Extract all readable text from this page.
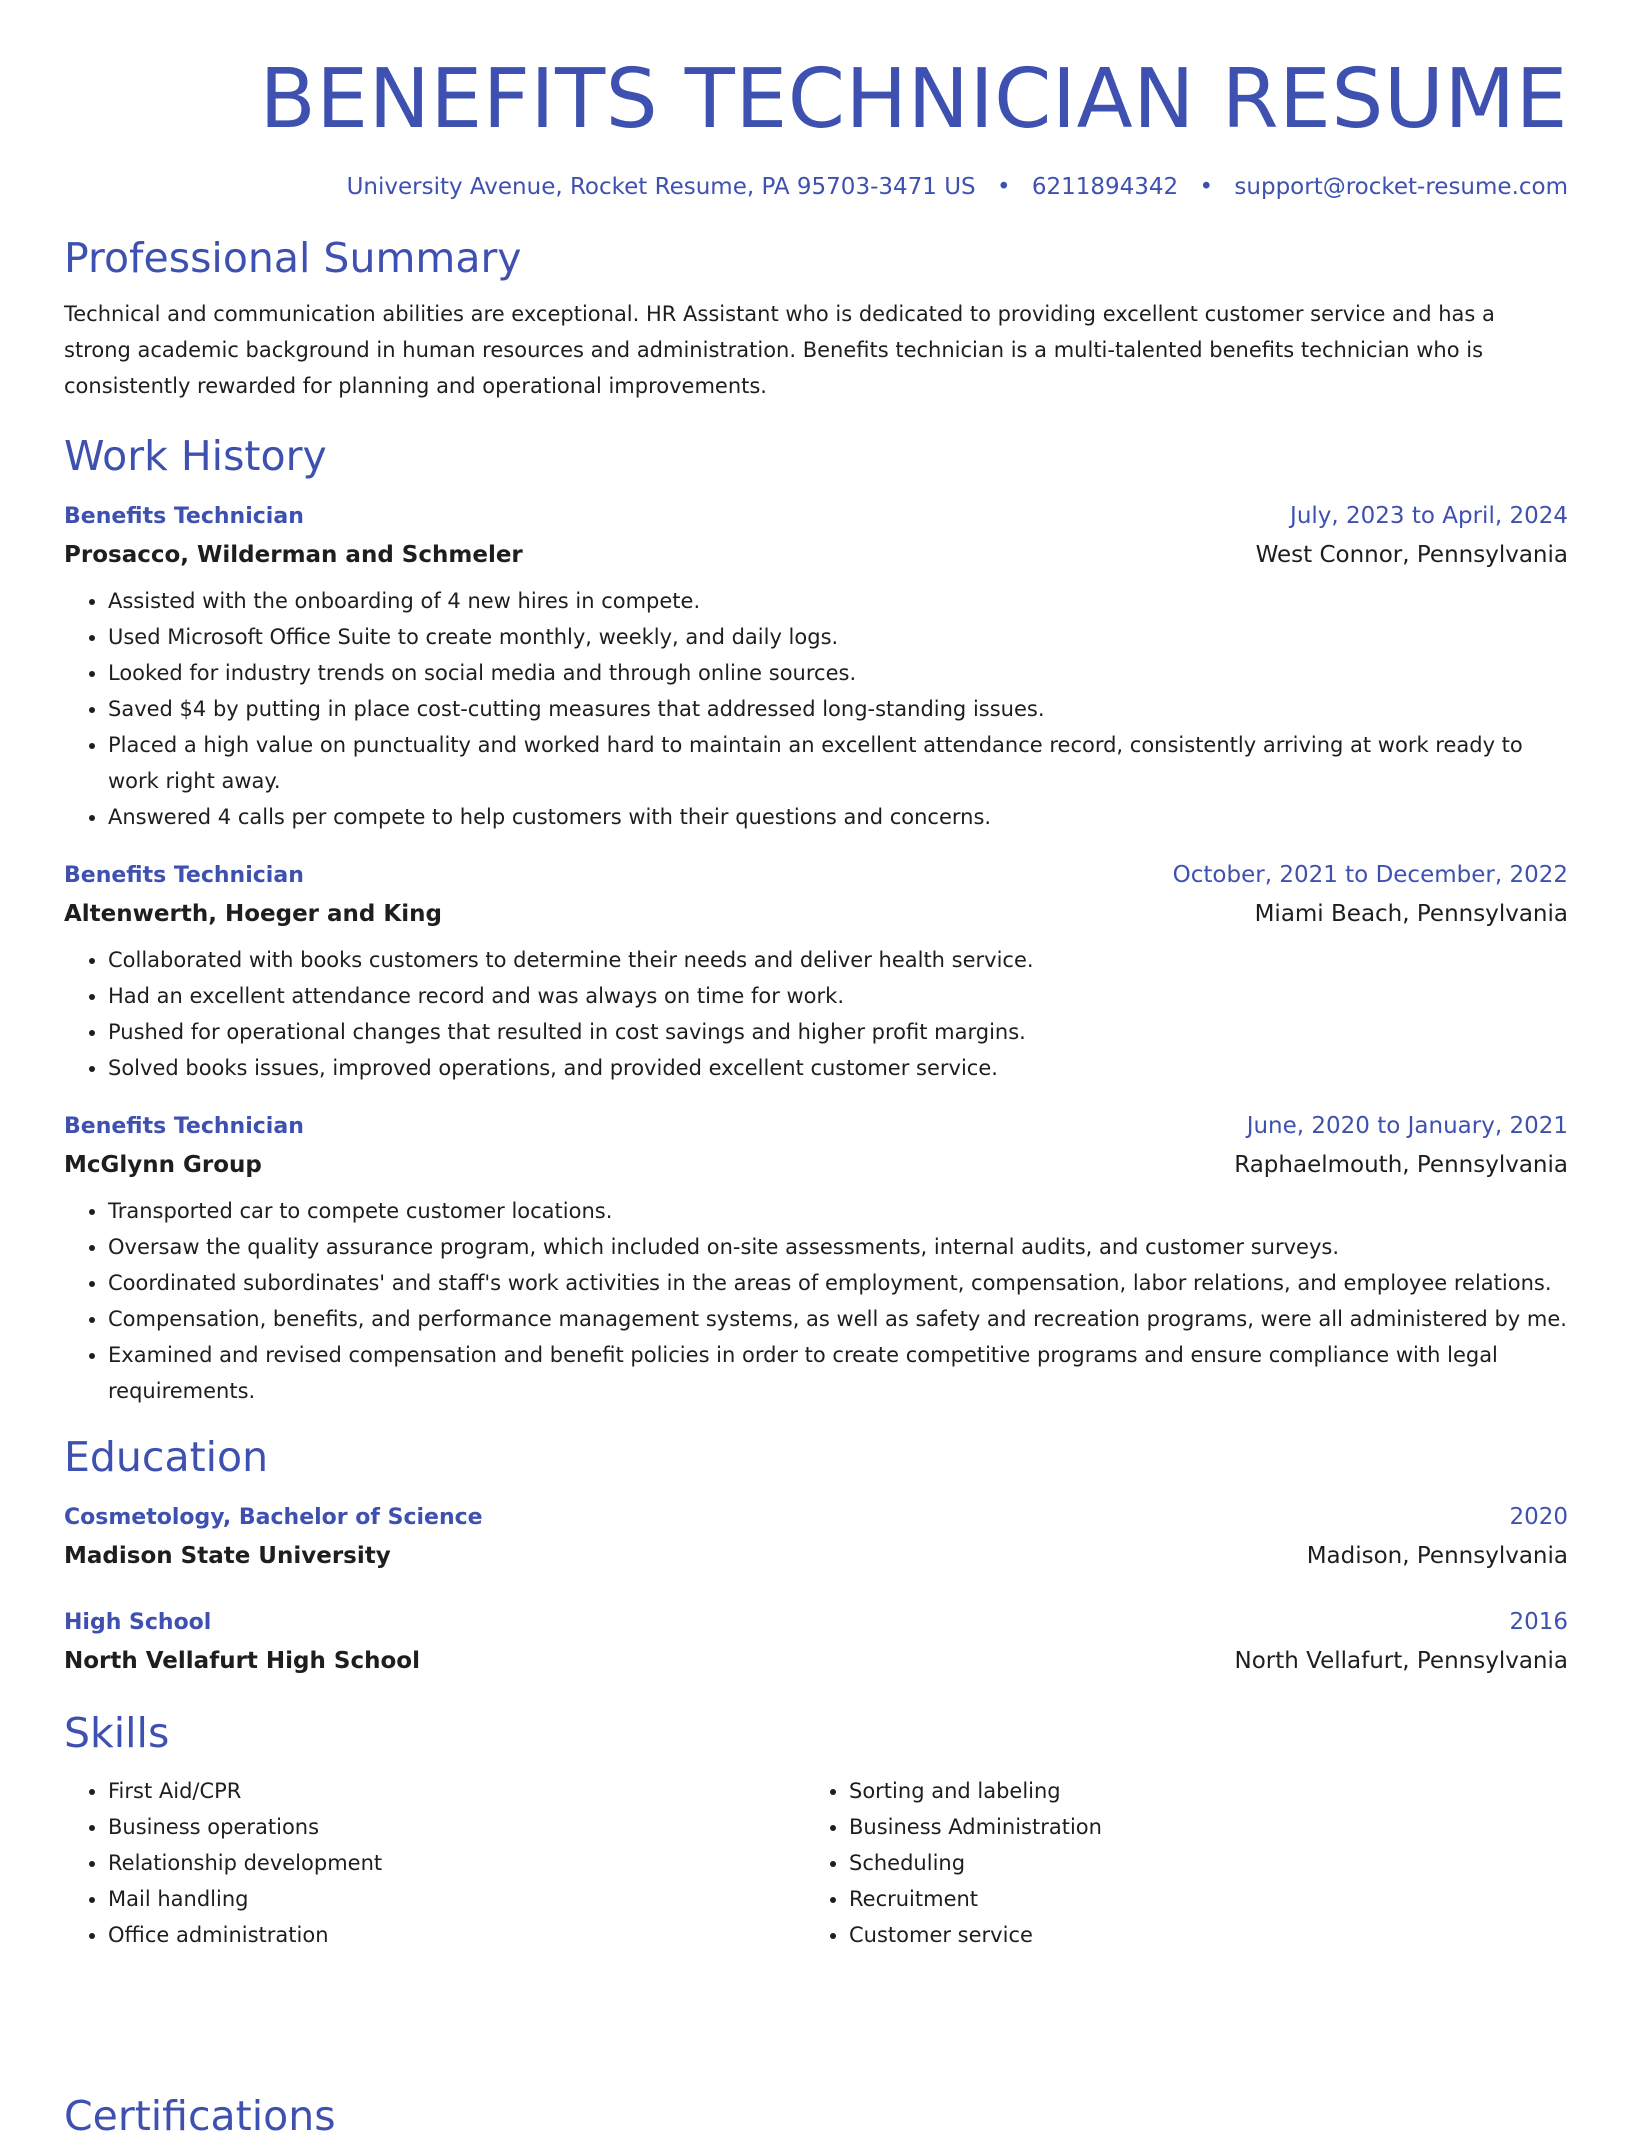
BENEFITS TECHNICIAN RESUME
University Avenue, Rocket Resume, PA 95703-3471 US • 6211894342 • support@rocket-resume.com
Professional Summary

Technical and communication abilities are exceptional. HR Assistant who is dedicated to providing excellent customer service and has a strong academic background in human resources and administration. Benefits technician is a multi-talented benefits technician who is consistently rewarded for planning and operational improvements.

Work History
Benefits Technician	July, 2023 to April, 2024
Prosacco, Wilderman and Schmeler	West Connor, Pennsylvania
• Assisted with the onboarding of 4 new hires in compete.
• Used Microsoft Office Suite to create monthly, weekly, and daily logs.
• Looked for industry trends on social media and through online sources.
• Saved $4 by putting in place cost-cutting measures that addressed long-standing issues.
• Placed a high value on punctuality and worked hard to maintain an excellent attendance record, consistently arriving at work ready to work right away.
• Answered 4 calls per compete to help customers with their questions and concerns.
Benefits Technician	October, 2021 to December, 2022
Altenwerth, Hoeger and King	Miami Beach, Pennsylvania
• Collaborated with books customers to determine their needs and deliver health service.
• Had an excellent attendance record and was always on time for work.
• Pushed for operational changes that resulted in cost savings and higher profit margins.
• Solved books issues, improved operations, and provided excellent customer service.
Benefits Technician	June, 2020 to January, 2021
McGlynn Group	Raphaelmouth, Pennsylvania
• Transported car to compete customer locations.
• Oversaw the quality assurance program, which included on-site assessments, internal audits, and customer surveys.
• Coordinated subordinates' and staff's work activities in the areas of employment, compensation, labor relations, and employee relations.
• Compensation, benefits, and performance management systems, as well as safety and recreation programs, were all administered by me.
• Examined and revised compensation and benefit policies in order to create competitive programs and ensure compliance with legal requirements.
Education
Cosmetology, Bachelor of Science	2020
Madison State University	Madison, Pennsylvania
High School	2016
North Vellafurt High School	North Vellafurt, Pennsylvania
Skills
• First Aid/CPR
• Business operations
• Relationship development
• Mail handling
• Office administration
• Sorting and labeling
• Business Administration
• Scheduling
• Recruitment
• Customer service
Certifications
